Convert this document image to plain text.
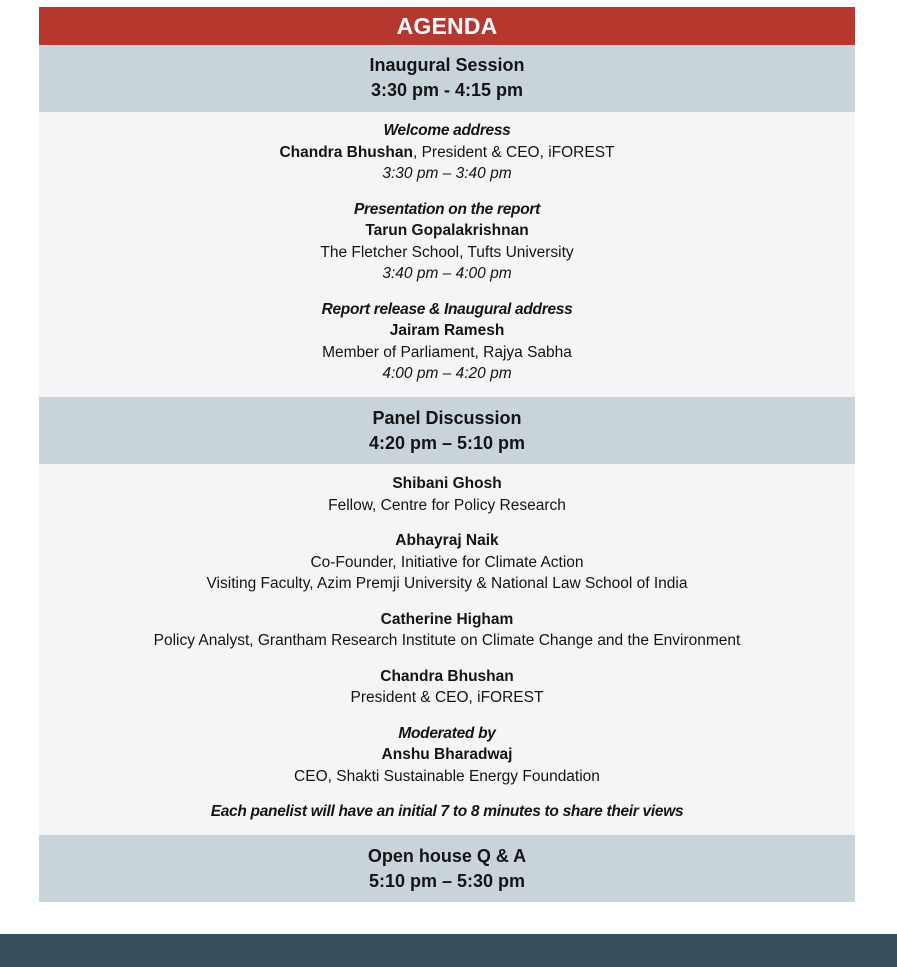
AGENDA
Inaugural Session
3:30 pm - 4:15 pm
Welcome address
Chandra Bhushan, President & CEO, iFOREST
3:30 pm – 3:40 pm
Presentation on the report
Tarun Gopalakrishnan
The Fletcher School, Tufts University
3:40 pm – 4:00 pm
Report release & Inaugural address
Jairam Ramesh
Member of Parliament, Rajya Sabha
4:00 pm – 4:20 pm
Panel Discussion
4:20 pm – 5:10 pm
Shibani Ghosh
Fellow, Centre for Policy Research
Abhayraj Naik
Co-Founder, Initiative for Climate Action
Visiting Faculty, Azim Premji University & National Law School of India
Catherine Higham
Policy Analyst, Grantham Research Institute on Climate Change and the Environment
Chandra Bhushan
President & CEO, iFOREST
Moderated by
Anshu Bharadwaj
CEO, Shakti Sustainable Energy Foundation
Each panelist will have an initial 7 to 8 minutes to share their views
Open house Q & A
5:10 pm – 5:30 pm
